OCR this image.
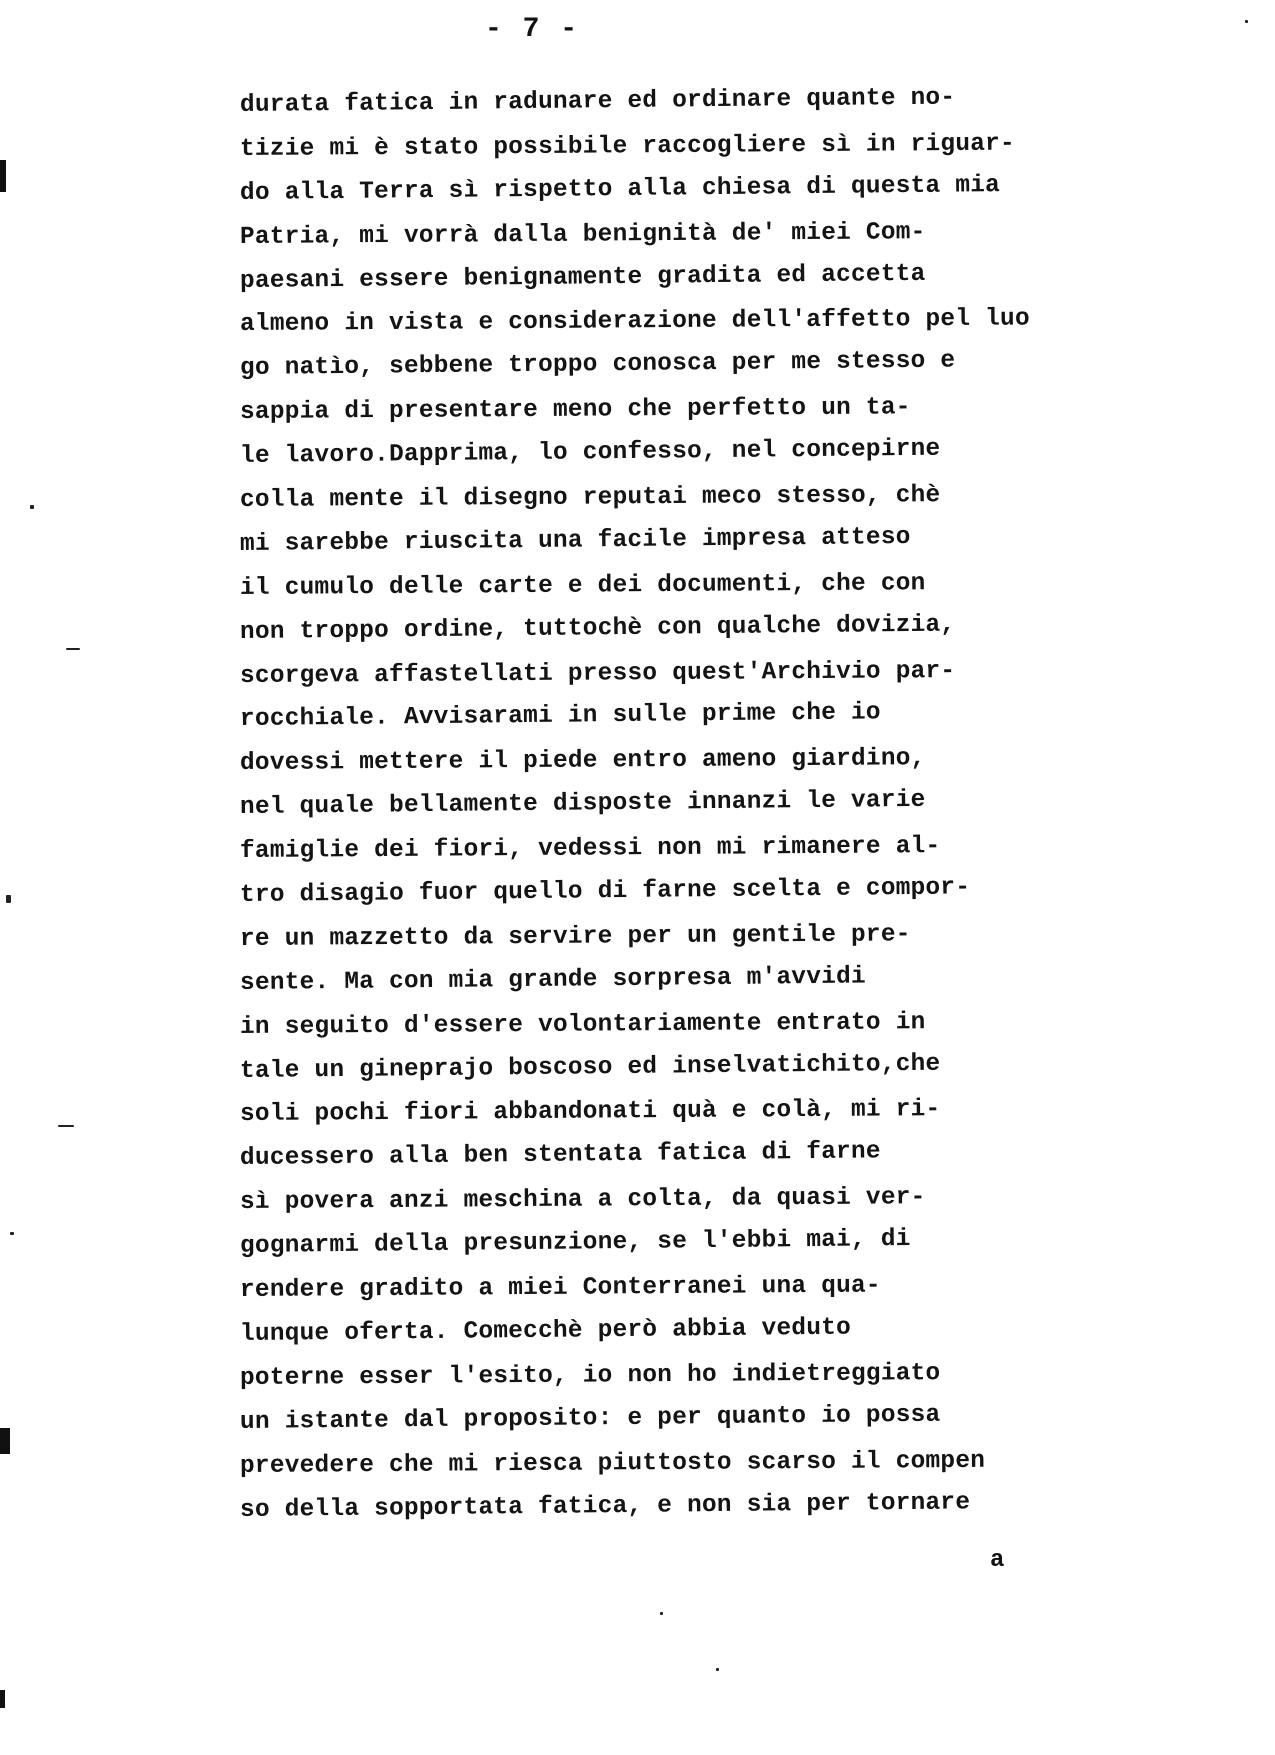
- 7 -
durata fatica in radunare ed ordinare quante no-
tizie mi è stato possibile raccogliere sì in riguar-
do alla Terra sì rispetto alla chiesa di questa mia
Patria, mi vorrà dalla benignità de' miei Com-
paesani essere benignamente gradita ed accetta
almeno in vista e considerazione dell'affetto pel luo
go natìo, sebbene troppo conosca per me stesso e
sappia di presentare meno che perfetto un ta-
le lavoro.Dapprima, lo confesso, nel concepirne
colla mente il disegno reputai meco stesso, chè
mi sarebbe riuscita una facile impresa atteso
il cumulo delle carte e dei documenti, che con
non troppo ordine, tuttochè con qualche dovizia,
scorgeva affastellati presso quest'Archivio par-
rocchiale. Avvisarami in sulle prime che io
dovessi mettere il piede entro ameno giardino,
nel quale bellamente disposte innanzi le varie
famiglie dei fiori, vedessi non mi rimanere al-
tro disagio fuor quello di farne scelta e compor-
re un mazzetto da servire per un gentile pre-
sente. Ma con mia grande sorpresa m'avvidi
in seguito d'essere volontariamente entrato in
tale un gineprajo boscoso ed inselvatichito,che
soli pochi fiori abbandonati quà e colà, mi ri-
ducessero alla ben stentata fatica di farne
sì povera anzi meschina a colta, da quasi ver-
gognarmi della presunzione, se l'ebbi mai, di
rendere gradito a miei Conterranei una qua-
lunque oferta. Comecchè però abbia veduto
poterne esser l'esito, io non ho indietreggiato
un istante dal proposito: e per quanto io possa
prevedere che mi riesca piuttosto scarso il compen
so della sopportata fatica, e non sia per tornare
a
